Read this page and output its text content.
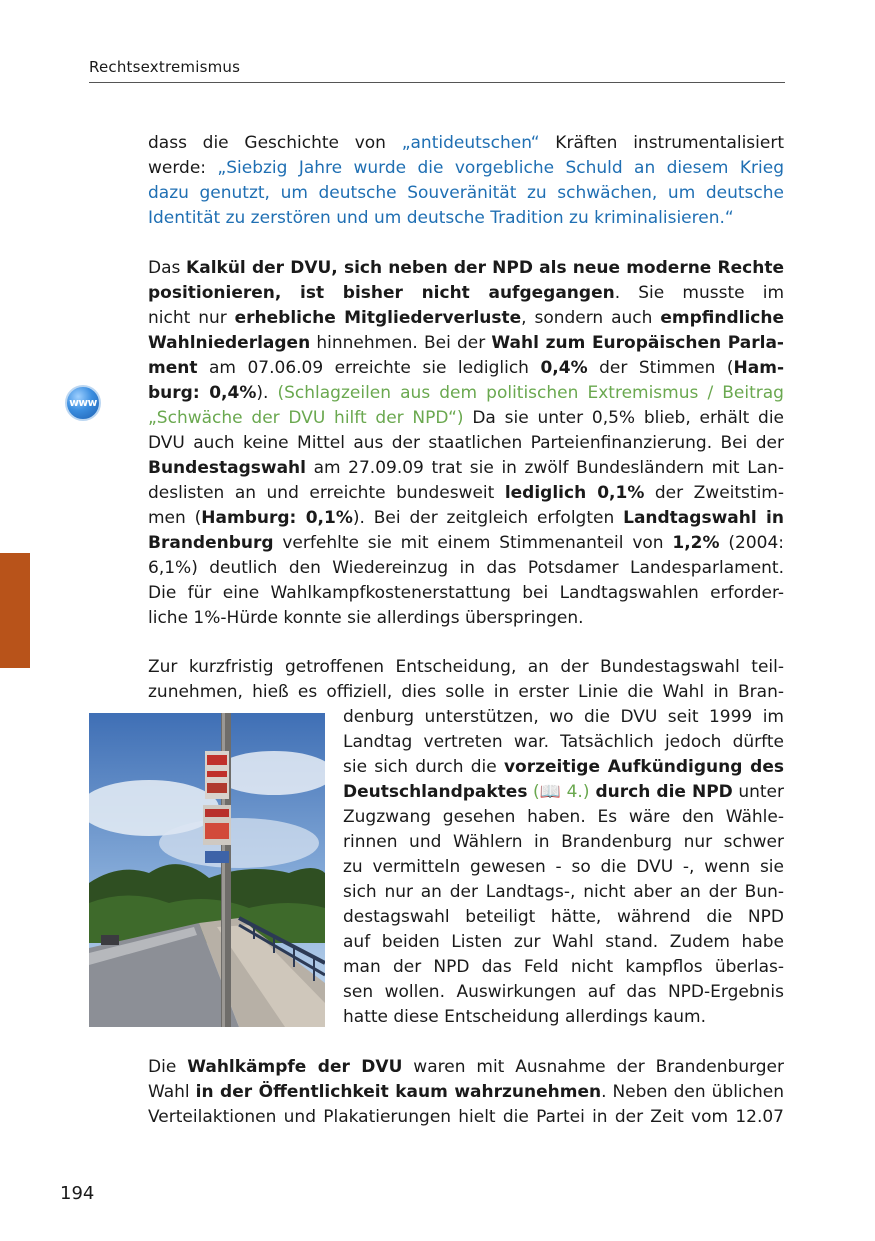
Rechtsextremismus
www
dass die Geschichte von „antideutschen“ Kräften instrumentalisiert
werde: „Siebzig Jahre wurde die vorgebliche Schuld an diesem Krieg
dazu genutzt, um deutsche Souveränität zu schwächen, um deutsche
Identität zu zerstören und um deutsche Tradition zu kriminalisieren.“
Das Kalkül der DVU, sich neben der NPD als neue moderne Rechte
positionieren, ist bisher nicht aufgegangen. Sie musste im
nicht nur erhebliche Mitgliederverluste, sondern auch empfindliche
Wahlniederlagen hinnehmen. Bei der Wahl zum Europäischen Parla-
ment am 07.06.09 erreichte sie lediglich 0,4% der Stimmen (Ham-
burg: 0,4%). (Schlagzeilen aus dem politischen Extremismus / Beitrag
„Schwäche der DVU hilft der NPD“) Da sie unter 0,5% blieb, erhält die
DVU auch keine Mittel aus der staatlichen Parteienfinanzierung. Bei der
Bundestagswahl am 27.09.09 trat sie in zwölf Bundesländern mit Lan-
deslisten an und erreichte bundesweit lediglich 0,1% der Zweitstim-
men (Hamburg: 0,1%). Bei der zeitgleich erfolgten Landtagswahl in
Brandenburg verfehlte sie mit einem Stimmenanteil von 1,2% (2004:
6,1%) deutlich den Wiedereinzug in das Potsdamer Landesparlament.
Die für eine Wahlkampfkostenerstattung bei Landtagswahlen erforder-
liche 1%-Hürde konnte sie allerdings überspringen.
Zur kurzfristig getroffenen Entscheidung, an der Bundestagswahl teil-
zunehmen, hieß es offiziell, dies solle in erster Linie die Wahl in Bran-
denburg unterstützen, wo die DVU seit 1999 im
Landtag vertreten war. Tatsächlich jedoch dürfte
sie sich durch die vorzeitige Aufkündigung des
Deutschlandpaktes (📖 4.) durch die NPD unter
Zugzwang gesehen haben. Es wäre den Wähle-
rinnen und Wählern in Brandenburg nur schwer
zu vermitteln gewesen - so die DVU -, wenn sie
sich nur an der Landtags-, nicht aber an der Bun-
destagswahl beteiligt hätte, während die NPD
auf beiden Listen zur Wahl stand. Zudem habe
man der NPD das Feld nicht kampflos überlas-
sen wollen. Auswirkungen auf das NPD-Ergebnis
hatte diese Entscheidung allerdings kaum.
Die Wahlkämpfe der DVU waren mit Ausnahme der Brandenburger
Wahl in der Öffentlichkeit kaum wahrzunehmen. Neben den üblichen
Verteilaktionen und Plakatierungen hielt die Partei in der Zeit vom 12.07
194
